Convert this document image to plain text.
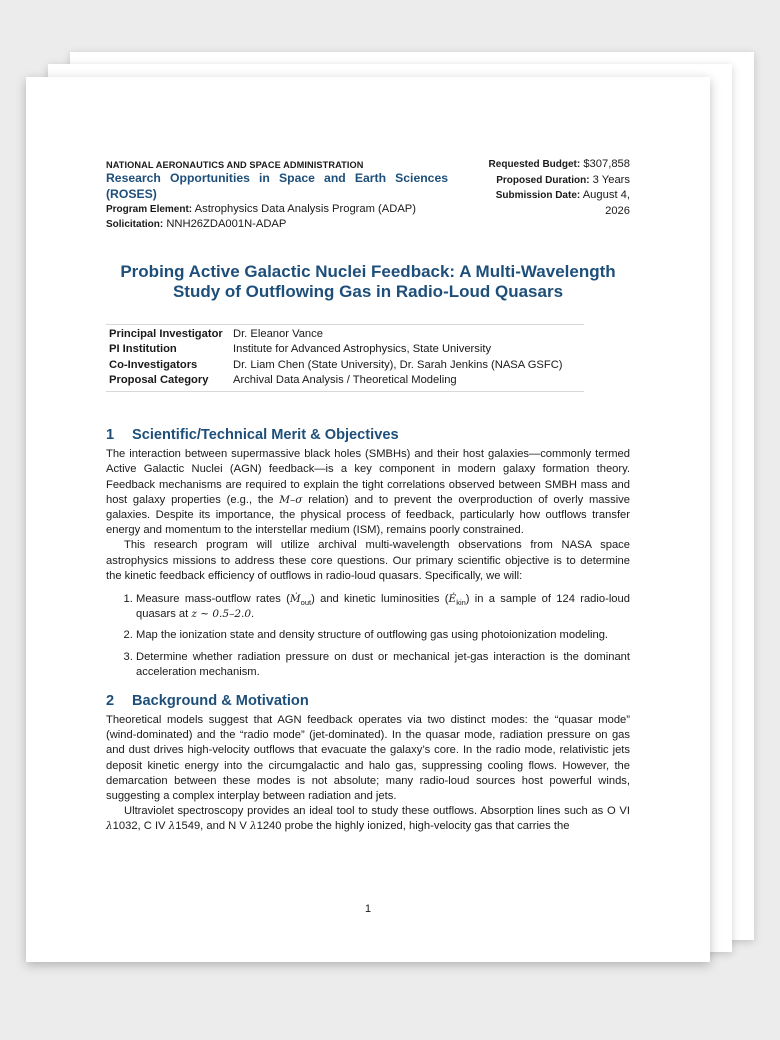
NATIONAL AERONAUTICS AND SPACE ADMINISTRATION
Research Opportunities in Space and Earth Sciences (ROSES)
Program Element: Astrophysics Data Analysis Program (ADAP)
Solicitation: NNH26ZDA001N-ADAP
Requested Budget: $307,858
Proposed Duration: 3 Years
Submission Date: August 4, 2026
Probing Active Galactic Nuclei Feedback: A Multi-Wavelength Study of Outflowing Gas in Radio-Loud Quasars
Principal Investigator	Dr. Eleanor Vance
PI Institution	Institute for Advanced Astrophysics, State University
Co-Investigators	Dr. Liam Chen (State University), Dr. Sarah Jenkins (NASA GSFC)
Proposal Category	Archival Data Analysis / Theoretical Modeling
1 Scientific/Technical Merit & Objectives

The interaction between supermassive black holes (SMBHs) and their host galaxies—commonly termed Active Galactic Nuclei (AGN) feedback—is a key component in modern galaxy formation theory. Feedback mechanisms are required to explain the tight correlations observed between SMBH mass and host galaxy properties (e.g., the M–σ relation) and to prevent the overproduction of overly massive galaxies. Despite its importance, the physical process of feedback, particularly how outflows transfer energy and momentum to the interstellar medium (ISM), remains poorly constrained.

This research program will utilize archival multi-wavelength observations from NASA space astrophysics missions to address these core questions. Our primary scientific objective is to determine the kinetic feedback efficiency of outflows in radio-loud quasars. Specifically, we will:

1. Measure mass-outflow rates (Ṁ$_{out}$) and kinetic luminosities $(Ė_{kin})$ in a sample of 124 radio-loud quasars at z ∼ 0.5–2.0.
2. Map the ionization state and density structure of outflowing gas using photoionization modeling.
3. Determine whether radiation pressure on dust or mechanical jet-gas interaction is the dominant acceleration mechanism.
2 Background & Motivation

Theoretical models suggest that AGN feedback operates via two distinct modes: the “quasar mode” (wind-dominated) and the “radio mode” (jet-dominated). In the quasar mode, radiation pressure on gas and dust drives high-velocity outflows that evacuate the galaxy’s core. In the radio mode, relativistic jets deposit kinetic energy into the circumgalactic and halo gas, suppressing cooling flows. However, the demarcation between these modes is not absolute; many radio-loud sources host powerful winds, suggesting a complex interplay between radiation and jets.

Ultraviolet spectroscopy provides an ideal tool to study these outflows. Absorption lines such as O VI λ1032, C IV λ1549, and N V λ1240 probe the highly ionized, high-velocity gas that carries the

1
